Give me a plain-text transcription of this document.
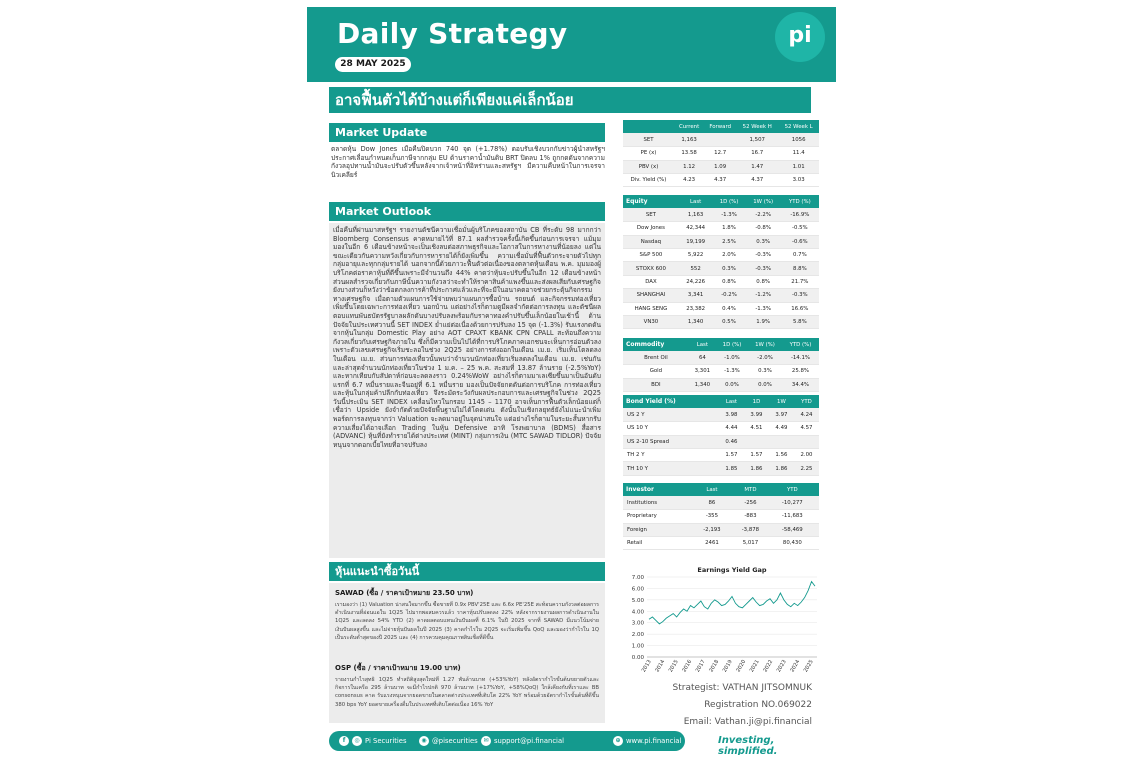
Daily Strategy
28 MAY 2025
pi
อาจฟื้นตัวได้บ้างแต่ก็เพียงแค่เล็กน้อย
Market Update
ตลาดหุ้น Dow Jones เมื่อคืนปิดบวก 740 จุด (+1.78%) ตอบรับเชิงบวกกับข่าวผู้นำสหรัฐฯ ประกาศเลื่อนกำหนดเก็บภาษีจากกลุ่ม EU ด้านราคาน้ำมันดิบ BRT ปิดลบ 1% ถูกกดดันจากความกังวลอุปทานน้ำมันจะปรับตัวขึ้นหลังจากเจ้าหน้าที่อิหร่านและสหรัฐฯ มีความคืบหน้าในการเจรจานิวเคลียร์
Market Outlook
เมื่อคืนที่ผ่านมาสหรัฐฯ รายงานดัชนีความเชื่อมั่นผู้บริโภคของสถาบัน CB ที่ระดับ 98 มากกว่า Bloomberg Consensus คาดหมายไว้ที่ 87.1 ผลสำรวจครั้งนี้เกิดขึ้นก่อนการเจรจา แม้มุมมองในอีก 6 เดือนข้างหน้าจะเป็นเชิงลบต่อสภาพธุรกิจและโอกาสในการหางานที่น้อยลง แต่ในขณะเดียวกันความหวังเกี่ยวกับการหารายได้ก็ยังเพิ่มขึ้น ความเชื่อมั่นที่ฟื้นตัวกระจายตัวไปทุกกลุ่มอายุและทุกกลุ่มรายได้ นอกจากนี้ด้วยภาวะฟื้นตัวต่อเนื่องของตลาดหุ้นเดือน พ.ค. มุมมองผู้บริโภคต่อราคาหุ้นที่ดีขึ้นเพราะมีจำนวนถึง 44% คาดว่าหุ้นจะปรับขึ้นในอีก 12 เดือนข้างหน้า ส่วนผลสำรวจเกี่ยวกับภาษีนั้นความกังวลว่าจะทำให้ราคาสินค้าแพงขึ้นและส่งผลเสียกับเศรษฐกิจยังบางส่วนก็หวังว่าข้อตกลงการค้าที่ประกาศแล้วและที่จะมีในอนาคตอาจช่วยกระตุ้นกิจกรรมทางเศรษฐกิจ เมื่อตามตัวแผนการใช้จ่ายพบว่าแผนการซื้อบ้าน รถยนต์ และกิจกรรมท่องเที่ยวเพิ่มขึ้นโดยเฉพาะการท่องเที่ยว นอกบ้าน แต่อย่างไรก็ตามดูมีผลจำกัดต่อการลงทุน และดัชนีผลตอบแทนพันธบัตรรัฐบาลผลักดันบางปรับลงพร้อมกับราคาทองคำปรับขึ้นเล็กน้อยในเช้านี้ ด้านปัจจัยในประเทศวานนี้ SET INDEX ย่ำแย่ต่อเนื่องด้วยการปรับลง 15 จุด (-1.3%) รับแรงกดดันจากหุ้นในกลุ่ม Domestic Play อย่าง AOT CPAXT KBANK CPN CPALL สะท้อนถึงความกังวลเกี่ยวกับเศรษฐกิจภายใน ซึ่งก็มีความเป็นไปได้ที่การบริโภคภาคเอกชนจะเห็นการอ่อนตัวลงเพราะตัวเลขเศรษฐกิจเริ่มชะลอในช่วง 2Q25 อย่างการส่งออกในเดือน เม.ย. เริ่มเห็นโตลดลงในเดือน เม.ย. ส่วนการท่องเที่ยวนั้นพบว่าจำนวนนักท่องเที่ยวเริ่มลดลงในเดือน เม.ย. เช่นกันและล่าสุดจำนวนนักท่องเที่ยวในช่วง 1 ม.ค. – 25 พ.ค. สะสมที่ 13.87 ล้านราย (-2.5%YoY) และหากเทียบกับสัปดาห์ก่อนจะลดลงราว 0.24%WoW อย่างไรก็ตามมาเลเซียขึ้นมาเป็นอันดับแรกที่ 6.7 หมื่นรายและจีนอยู่ที่ 6.1 หมื่นราย มองเป็นปัจจัยกดดันต่อการบริโภค การท่องเที่ยว และหุ้นในกลุ่มค้าปลีกกับท่องเที่ยว จึงระมัดระวังกับผลประกอบการและเศรษฐกิจในช่วง 2Q25 วันนี้ประเมิน SET INDEX เคลื่อนไหวในกรอบ 1145 – 1170 อาจเห็นการฟื้นตัวเล็กน้อยแต่ก็เชื่อว่า Upside ยังจำกัดด้วยปัจจัยพื้นฐานไม่ได้โดดเด่น ดังนั้นในเชิงกลยุทธ์ยังไม่แนะนำเพิ่มพอร์ตการลงทุนจากว่า Valuation จะลดมาอยู่ในจุดน่าสนใจ แต่อย่างไรก็ตามในระยะสั้นหากรับความเสี่ยงได้อาจเลือก Trading ในหุ้น Defensive อาทิ โรงพยาบาล (BDMS) สื่อสาร (ADVANC) หุ้นที่ยังทำรายได้ต่างประเทศ (MINT) กลุ่มการเงิน (MTC SAWAD TIDLOR) ปัจจัยหนุนจากดอกเบี้ยไทยที่อาจปรับลง
	Current	Forward	52 Week H	52 Week L
SET	1,163		1,507	1056
PE (x)	13.58	12.7	16.7	11.4
PBV (x)	1.12	1.09	1.47	1.01
Div. Yield (%)	4.23	4.37	4.37	3.03
Equity	Last	1D (%)	1W (%)	YTD (%)
SET	1,163	-1.3%	-2.2%	-16.9%
Dow Jones	42,344	1.8%	-0.8%	-0.5%
Nasdaq	19,199	2.5%	0.3%	-0.6%
S&P 500	5,922	2.0%	-0.3%	0.7%
STOXX 600	552	0.3%	-0.3%	8.8%
DAX	24,226	0.8%	0.8%	21.7%
SHANGHAI	3,341	-0.2%	-1.2%	-0.3%
HANG SENG	23,382	0.4%	-1.3%	16.6%
VN30	1,340	0.5%	1.9%	5.8%
Commodity	Last	1D (%)	1W (%)	YTD (%)
Brent Oil	64	-1.0%	-2.0%	-14.1%
Gold	3,301	-1.3%	0.3%	25.8%
BDI	1,340	0.0%	0.0%	34.4%
Bond Yield (%)	Last	1D	1W	YTD
US 2 Y	3.98	3.99	3.97	4.24
US 10 Y	4.44	4.51	4.49	4.57
US 2-10 Spread	0.46			
TH 2 Y	1.57	1.57	1.56	2.00
TH 10 Y	1.85	1.86	1.86	2.25
Investor	Last	MTD	YTD	
Institutions	86	-256	-10,277	
Proprietary	-355	-883	-11,683	
Foreign	-2,193	-3,878	-58,469	
Retail	2461	5,017	80,430	
หุ้นแนะนำซื้อวันนี้
SAWAD (ซื้อ / ราคาเป้าหมาย 23.50 บาท)
เรามองว่า (1) Valuation น่าสนใจมากขึ้น ซื้อขายที่ 0.9x PBV'25E และ 6.6x PE'25E สะท้อนความกังวลต่อผลการดำเนินงานที่อ่อนแอใน 1Q25 ไปมากพอสมควรแล้ว ราคาหุ้นปรับลดลง 22% หลังจากรายงานผลการดำเนินงานใน 1Q25 และลดลง 54% YTD (2) คาดผลตอบแทนเงินปันผลที่ 6.1% ในปี 2025 จากที่ SAWAD มีแนวโน้มจ่ายเงินปันผลสูงขึ้น และไม่จ่ายหุ้นปันผลในปี 2025 (3) คาดกำไรใน 2Q25 จะเริ่มเพิ่มขึ้น QoQ และมองว่ากำไรใน 1Q เป็นระดับต่ำสุดของปี 2025 และ (4) การควบคุมคุณภาพสินเชื่อที่ดีขึ้น
OSP (ซื้อ / ราคาเป้าหมาย 19.00 บาท)
รายงานกำไรสุทธิ 1Q25 ทำสถิติสูงสุดใหม่ที่ 1.27 พันล้านบาท (+53%YoY) หลังอัตรากำไรขั้นต้นขยายตัวและกิจการในเครือ 295 ล้านบาท จะมีกำไรปกติ 970 ล้านบาท (+17%YoY, +58%QoQ) ใกล้เคียงกับที่เราและ BB consensus คาด รับแรงหนุนจากยอดขายในตลาดต่างประเทศที่เติบโต 22% YoY พร้อมด้วยอัตรากำไรขั้นต้นที่ดีขึ้น 380 bps YoY ยอดขายเครื่องดื่มในประเทศที่เติบโตต่อเนื่อง 16% YoY
Earnings Yield Gap
0.00
1.00
2.00
3.00
4.00
5.00
6.00
7.00
2013 2014 2015 2016 2017 2018 2019 2020 2021 2022 2023 2024 2025
Strategist: VATHAN JITSOMNUK
Registration NO.069022
Email: Vathan.ji@pi.financial
f	◎ Pi Securities	◉ @pisecurities ✉ support@pi.financial	⊕ www.pi.financial	Investing, simplified.
